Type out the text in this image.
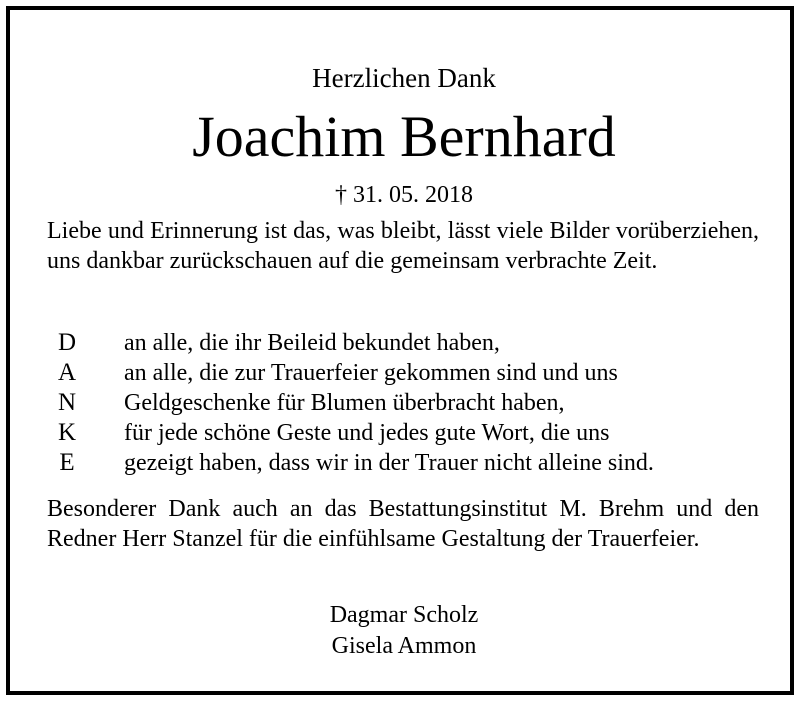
Herzlichen Dank
Joachim Bernhard
† 31. 05. 2018

Liebe und Erinnerung ist das, was bleibt, lässt viele Bilder vorüberziehen, uns dankbar zurückschauen auf die gemeinsam verbrachte Zeit.

D	an alle, die ihr Beileid bekundet haben,
A	an alle, die zur Trauerfeier gekommen sind und uns
N	Geldgeschenke für Blumen überbracht haben,
K	für jede schöne Geste und jedes gute Wort, die uns
E	gezeigt haben, dass wir in der Trauer nicht alleine sind.

Besonderer Dank auch an das Bestattungsinstitut M. Brehm und den Redner Herr Stanzel für die einfühlsame Gestaltung der Trauerfeier.

Dagmar Scholz
Gisela Ammon
